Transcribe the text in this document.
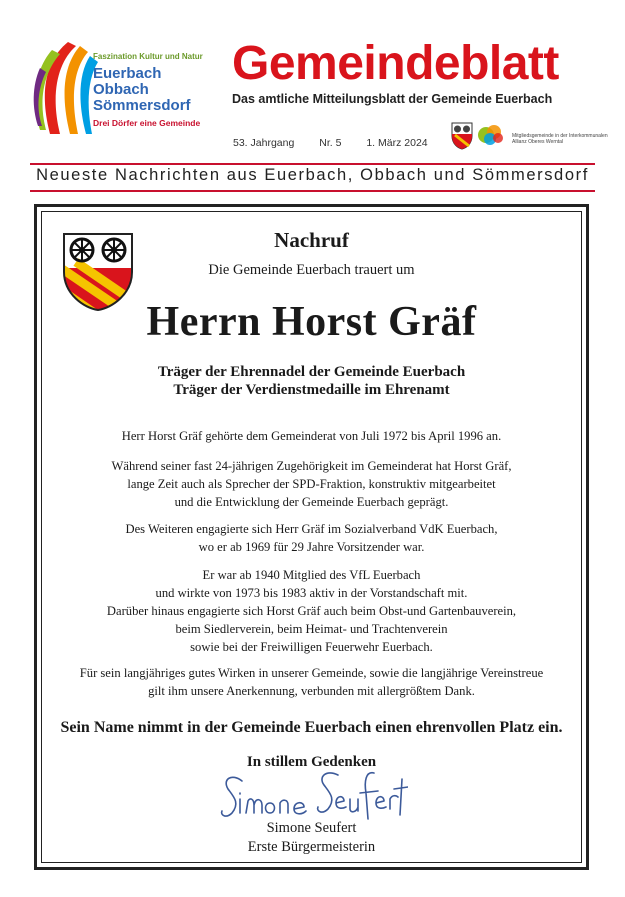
Faszination Kultur und Natur
Euerbach
Obbach
Sömmersdorf
Drei Dörfer eine Gemeinde
Gemeindeblatt
Das amtliche Mitteilungsblatt der Gemeinde Euerbach
53. Jahrgang Nr. 5 1. März 2024
Mitgliedsgemeinde in der Interkommunalen Allianz Oberes Werntal
Neueste Nachrichten aus Euerbach, Obbach und Sömmersdorf
Nachruf
Die Gemeinde Euerbach trauert um
Herrn Horst Gräf
Träger der Ehrennadel der Gemeinde Euerbach
Träger der Verdienstmedaille im Ehrenamt
Herr Horst Gräf gehörte dem Gemeinderat von Juli 1972 bis April 1996 an.
Während seiner fast 24-jährigen Zugehörigkeit im Gemeinderat hat Horst Gräf,
lange Zeit auch als Sprecher der SPD-Fraktion, konstruktiv mitgearbeitet
und die Entwicklung der Gemeinde Euerbach geprägt.
Des Weiteren engagierte sich Herr Gräf im Sozialverband VdK Euerbach,
wo er ab 1969 für 29 Jahre Vorsitzender war.
Er war ab 1940 Mitglied des VfL Euerbach
und wirkte von 1973 bis 1983 aktiv in der Vorstandschaft mit.
Darüber hinaus engagierte sich Horst Gräf auch beim Obst-und Gartenbauverein,
beim Siedlerverein, beim Heimat- und Trachtenverein
sowie bei der Freiwilligen Feuerwehr Euerbach.
Für sein langjähriges gutes Wirken in unserer Gemeinde, sowie die langjährige Vereinstreue
gilt ihm unsere Anerkennung, verbunden mit allergrößtem Dank.
Sein Name nimmt in der Gemeinde Euerbach einen ehrenvollen Platz ein.
In stillem Gedenken
Simone Seufert
Erste Bürgermeisterin
